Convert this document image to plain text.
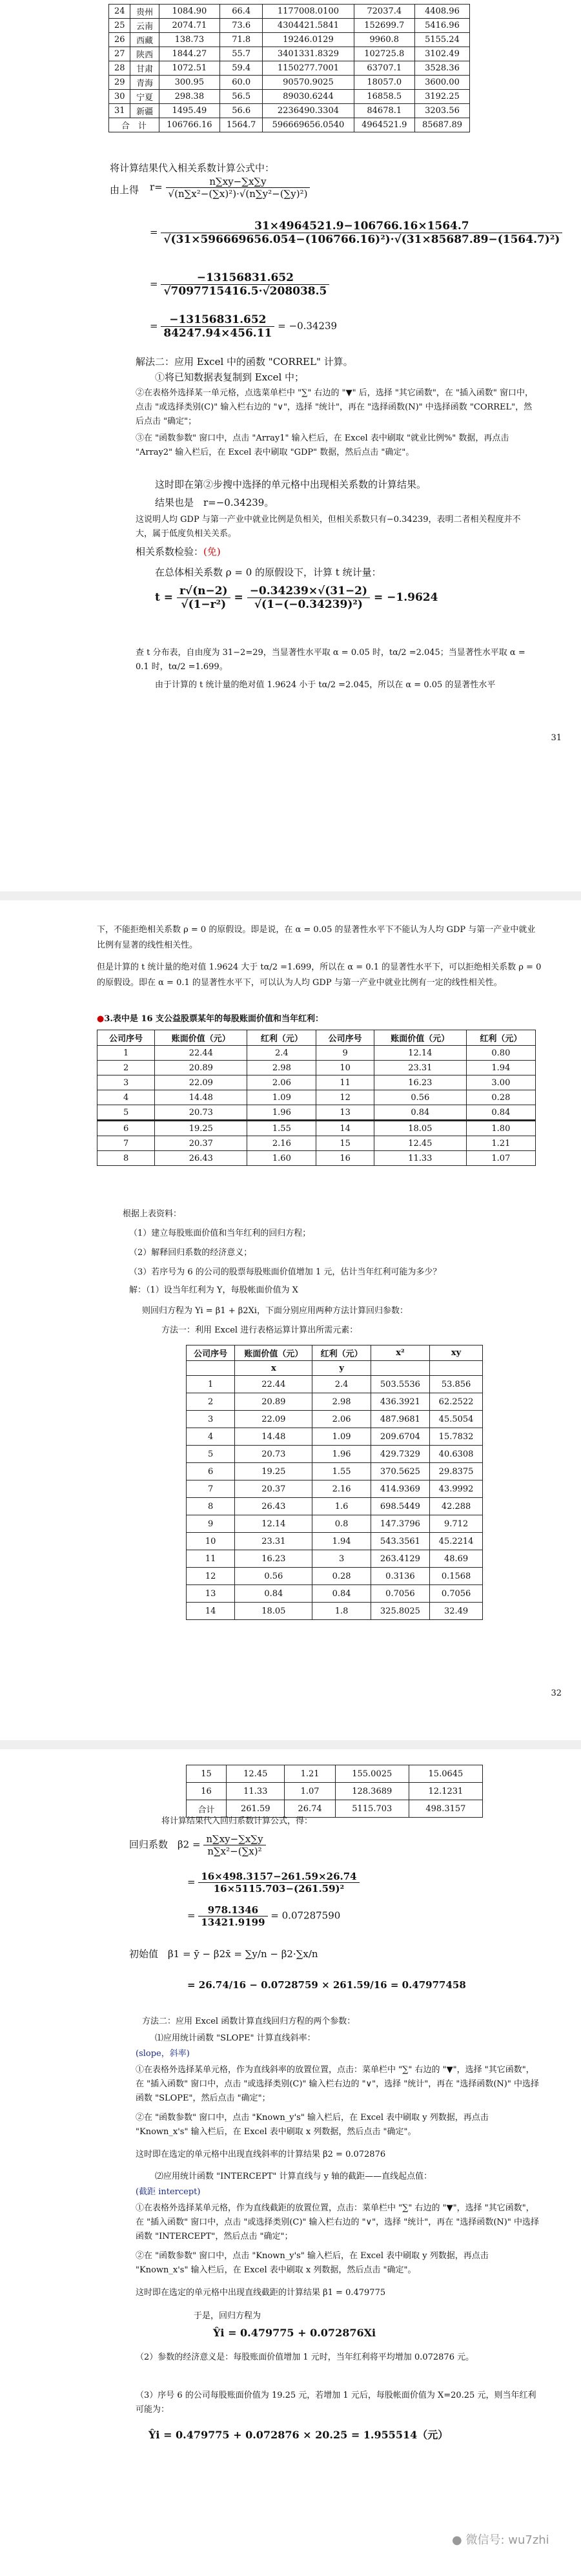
24	贵州	1084.90	66.4	1177008.0100	72037.4	4408.96
25	云南	2074.71	73.6	4304421.5841	152699.7	5416.96
26	西藏	138.73	71.8	19246.0129	9960.8	5155.24
27	陕西	1844.27	55.7	3401331.8329	102725.8	3102.49
28	甘肃	1072.51	59.4	1150277.7001	63707.1	3528.36
29	青海	300.95	60.0	90570.9025	18057.0	3600.00
30	宁夏	298.38	56.5	89030.6244	16858.5	3192.25
31	新疆	1495.49	56.6	2236490.3304	84678.1	3203.56
合　计		106766.16	1564.7	596669656.0540	4964521.9	85687.89
将计算结果代入相关系数计算公式中：
由上得 $r= \frac{n\sum xy-\sum x\sum y}{\text{√(n∑x²−(∑x)²)·√(n∑y²−(∑y)²)}}$
= $\frac{31\times 4964521.9-106766.16\times 1564.7}{\text{√(31×596669656.054−(106766.16)²)·√(31×85687.89−(1564.7)²)}}$
= $\frac{-13156831.652}{√7097715416.5\cdot√208038.5}$
= $\frac{-13156831.652}{84247.94\times 456.11} = -0.34239$
解法二：应用 Excel 中的函数 "CORREL" 计算。
①将已知数据表复制到 Excel 中；
②在表格外选择某一单元格，点选菜单栏中 "∑" 右边的 "▼" 后，选择 "其它函数"，在 "插入函数" 窗口中，点击 "或选择类别(C)" 输入栏右边的 "∨"，选择 "统计"，再在 "选择函数(N)" 中选择函数 "CORREL"，然后点击 "确定"；
③在 "函数参数" 窗口中，点击 "Array1" 输入栏后，在 Excel 表中刷取 "就业比例%" 数据，再点击 "Array2" 输入栏后，在 Excel 表中刷取 "GDP" 数据，然后点击 "确定"。
这时即在第②步搜中选择的单元格中出现相关系数的计算结果。
结果也是　r=−0.34239。
这说明人均 GDP 与第一产业中就业比例是负相关，但相关系数只有−0.34239，表明二者相关程度并不大，属于低度负相关关系。
相关系数检验：(免)
在总体相关系数 ρ = 0 的原假设下，计算 t 统计量：
$t = \frac{r√(n-2)}{\text{√(1−r²)}} = \frac{-0.34239\times√(31-2)}{\text{√(1−(−0.34239)²)}} = -1.9624$
查 t 分布表，自由度为 31−2=29，当显著性水平取 α = 0.05 时，tα/2 =2.045；当显著性水平取 α = 0.1 时，tα/2 =1.699。
由于计算的 t 统计量的绝对值 1.9624 小于 tα/2 =2.045，所以在 α = 0.05 的显著性水平
31
下，不能拒绝相关系数 ρ = 0 的原假设。即是说，在 α = 0.05 的显著性水平下不能认为人均 GDP 与第一产业中就业比例有显著的线性相关性。
但是计算的 t 统计量的绝对值 1.9624 大于 tα/2 =1.699，所以在 α = 0.1 的显著性水平下，可以拒绝相关系数 ρ = 0 的原假设。即在 α = 0.1 的显著性水平下，可以认为人均 GDP 与第一产业中就业比例有一定的线性相关性。
●3.表中是 16 支公益股票某年的每股账面价值和当年红利：
公司序号	账面价值（元）	红利（元）	公司序号	账面价值（元）	红利（元）
1	22.44	2.4	9	12.14	0.80
2	20.89	2.98	10	23.31	1.94
3	22.09	2.06	11	16.23	3.00
4	14.48	1.09	12	0.56	0.28
5	20.73	1.96	13	0.84	0.84
6	19.25	1.55	14	18.05	1.80
7	20.37	2.16	15	12.45	1.21
8	26.43	1.60	16	11.33	1.07
根据上表资料：
（1）建立每股账面价值和当年红利的回归方程；
（2）解释回归系数的经济意义；
（3）若序号为 6 的公司的股票每股账面价值增加 1 元，估计当年红利可能为多少？
解：（1）设当年红利为 Y，每股帐面价值为 X
则回归方程为 Yi = β1 + β2Xi，下面分别应用两种方法计算回归参数：
方法一：利用 Excel 进行表格运算计算出所需元素：
公司序号	账面价值（元）	红利（元）	x²	xy
	x	y		
1	22.44	2.4	503.5536	53.856
2	20.89	2.98	436.3921	62.2522
3	22.09	2.06	487.9681	45.5054
4	14.48	1.09	209.6704	15.7832
5	20.73	1.96	429.7329	40.6308
6	19.25	1.55	370.5625	29.8375
7	20.37	2.16	414.9369	43.9992
8	26.43	1.6	698.5449	42.288
9	12.14	0.8	147.3796	9.712
10	23.31	1.94	543.3561	45.2214
11	16.23	3	263.4129	48.69
12	0.56	0.28	0.3136	0.1568
13	0.84	0.84	0.7056	0.7056
14	18.05	1.8	325.8025	32.49
32
15	12.45	1.21	155.0025	15.0645
16	11.33	1.07	128.3689	12.1231
合计	261.59	26.74	5115.703	498.3157
将计算结果代入回归系数计算公式，得：
回归系数　$\beta 2 = \frac{n\sum xy-\sum x\sum y}{\text{n∑x²−(∑x)²}}$
= $\frac{16\times 498.3157-261.59\times 26.74}{\text{16×5115.703−(261.59)²}}$
= $\frac{978.1346}{13421.9199} = 0.07287590$
初始值　β1 = ȳ − β2x̄ = ∑y/n − β2·∑x/n
= 26.74/16 − 0.0728759 × 261.59/16 = 0.47977458
方法二：应用 Excel 函数计算直线回归方程的两个参数：
⑴应用统计函数 "SLOPE" 计算直线斜率：
(slope，斜率)
①在表格外选择某单元格，作为直线斜率的放置位置，点击：菜单栏中 "∑" 右边的 "▼"，选择 "其它函数"，在 "插入函数" 窗口中，点击 "或选择类别(C)" 输入栏右边的 "∨"，选择 "统计"，再在 "选择函数(N)" 中选择函数 "SLOPE"，然后点击 "确定"；
②在 "函数参数" 窗口中，点击 "Known_y's" 输入栏后，在 Excel 表中刷取 y 列数据，再点击 "Known_x's" 输入栏后，在 Excel 表中刷取 x 列数据，然后点击 "确定"。
这时即在选定的单元格中出现直线斜率的计算结果 β2 = 0.072876
⑵应用统计函数 "INTERCEPT" 计算直线与 y 轴的截距——直线起点值：
(截距 intercept)
①在表格外选择某单元格，作为直线截距的放置位置，点击：菜单栏中 "∑" 右边的 "▼"，选择 "其它函数"，在 "插入函数" 窗口中，点击 "或选择类别(C)" 输入栏右边的 "∨"，选择 "统计"，再在 "选择函数(N)" 中选择函数 "INTERCEPT"，然后点击 "确定"；
②在 "函数参数" 窗口中，点击 "Known_y's" 输入栏后，在 Excel 表中刷取 y 列数据，再点击 "Known_x's" 输入栏后，在 Excel 表中刷取 x 列数据，然后点击 "确定"。
这时即在选定的单元格中出现直线截距的计算结果 β1 = 0.479775
于是，回归方程为
Ŷi = 0.479775 + 0.072876Xi
（2）参数的经济意义是：每股账面价值增加 1 元时，当年红利将平均增加 0.072876 元。
（3）序号 6 的公司每股账面价值为 19.25 元，若增加 1 元后，每股帐面价值为 X=20.25 元，则当年红利可能为：
Ŷi = 0.479775 + 0.072876 × 20.25 = 1.955514（元）
● 微信号: wu7zhi
